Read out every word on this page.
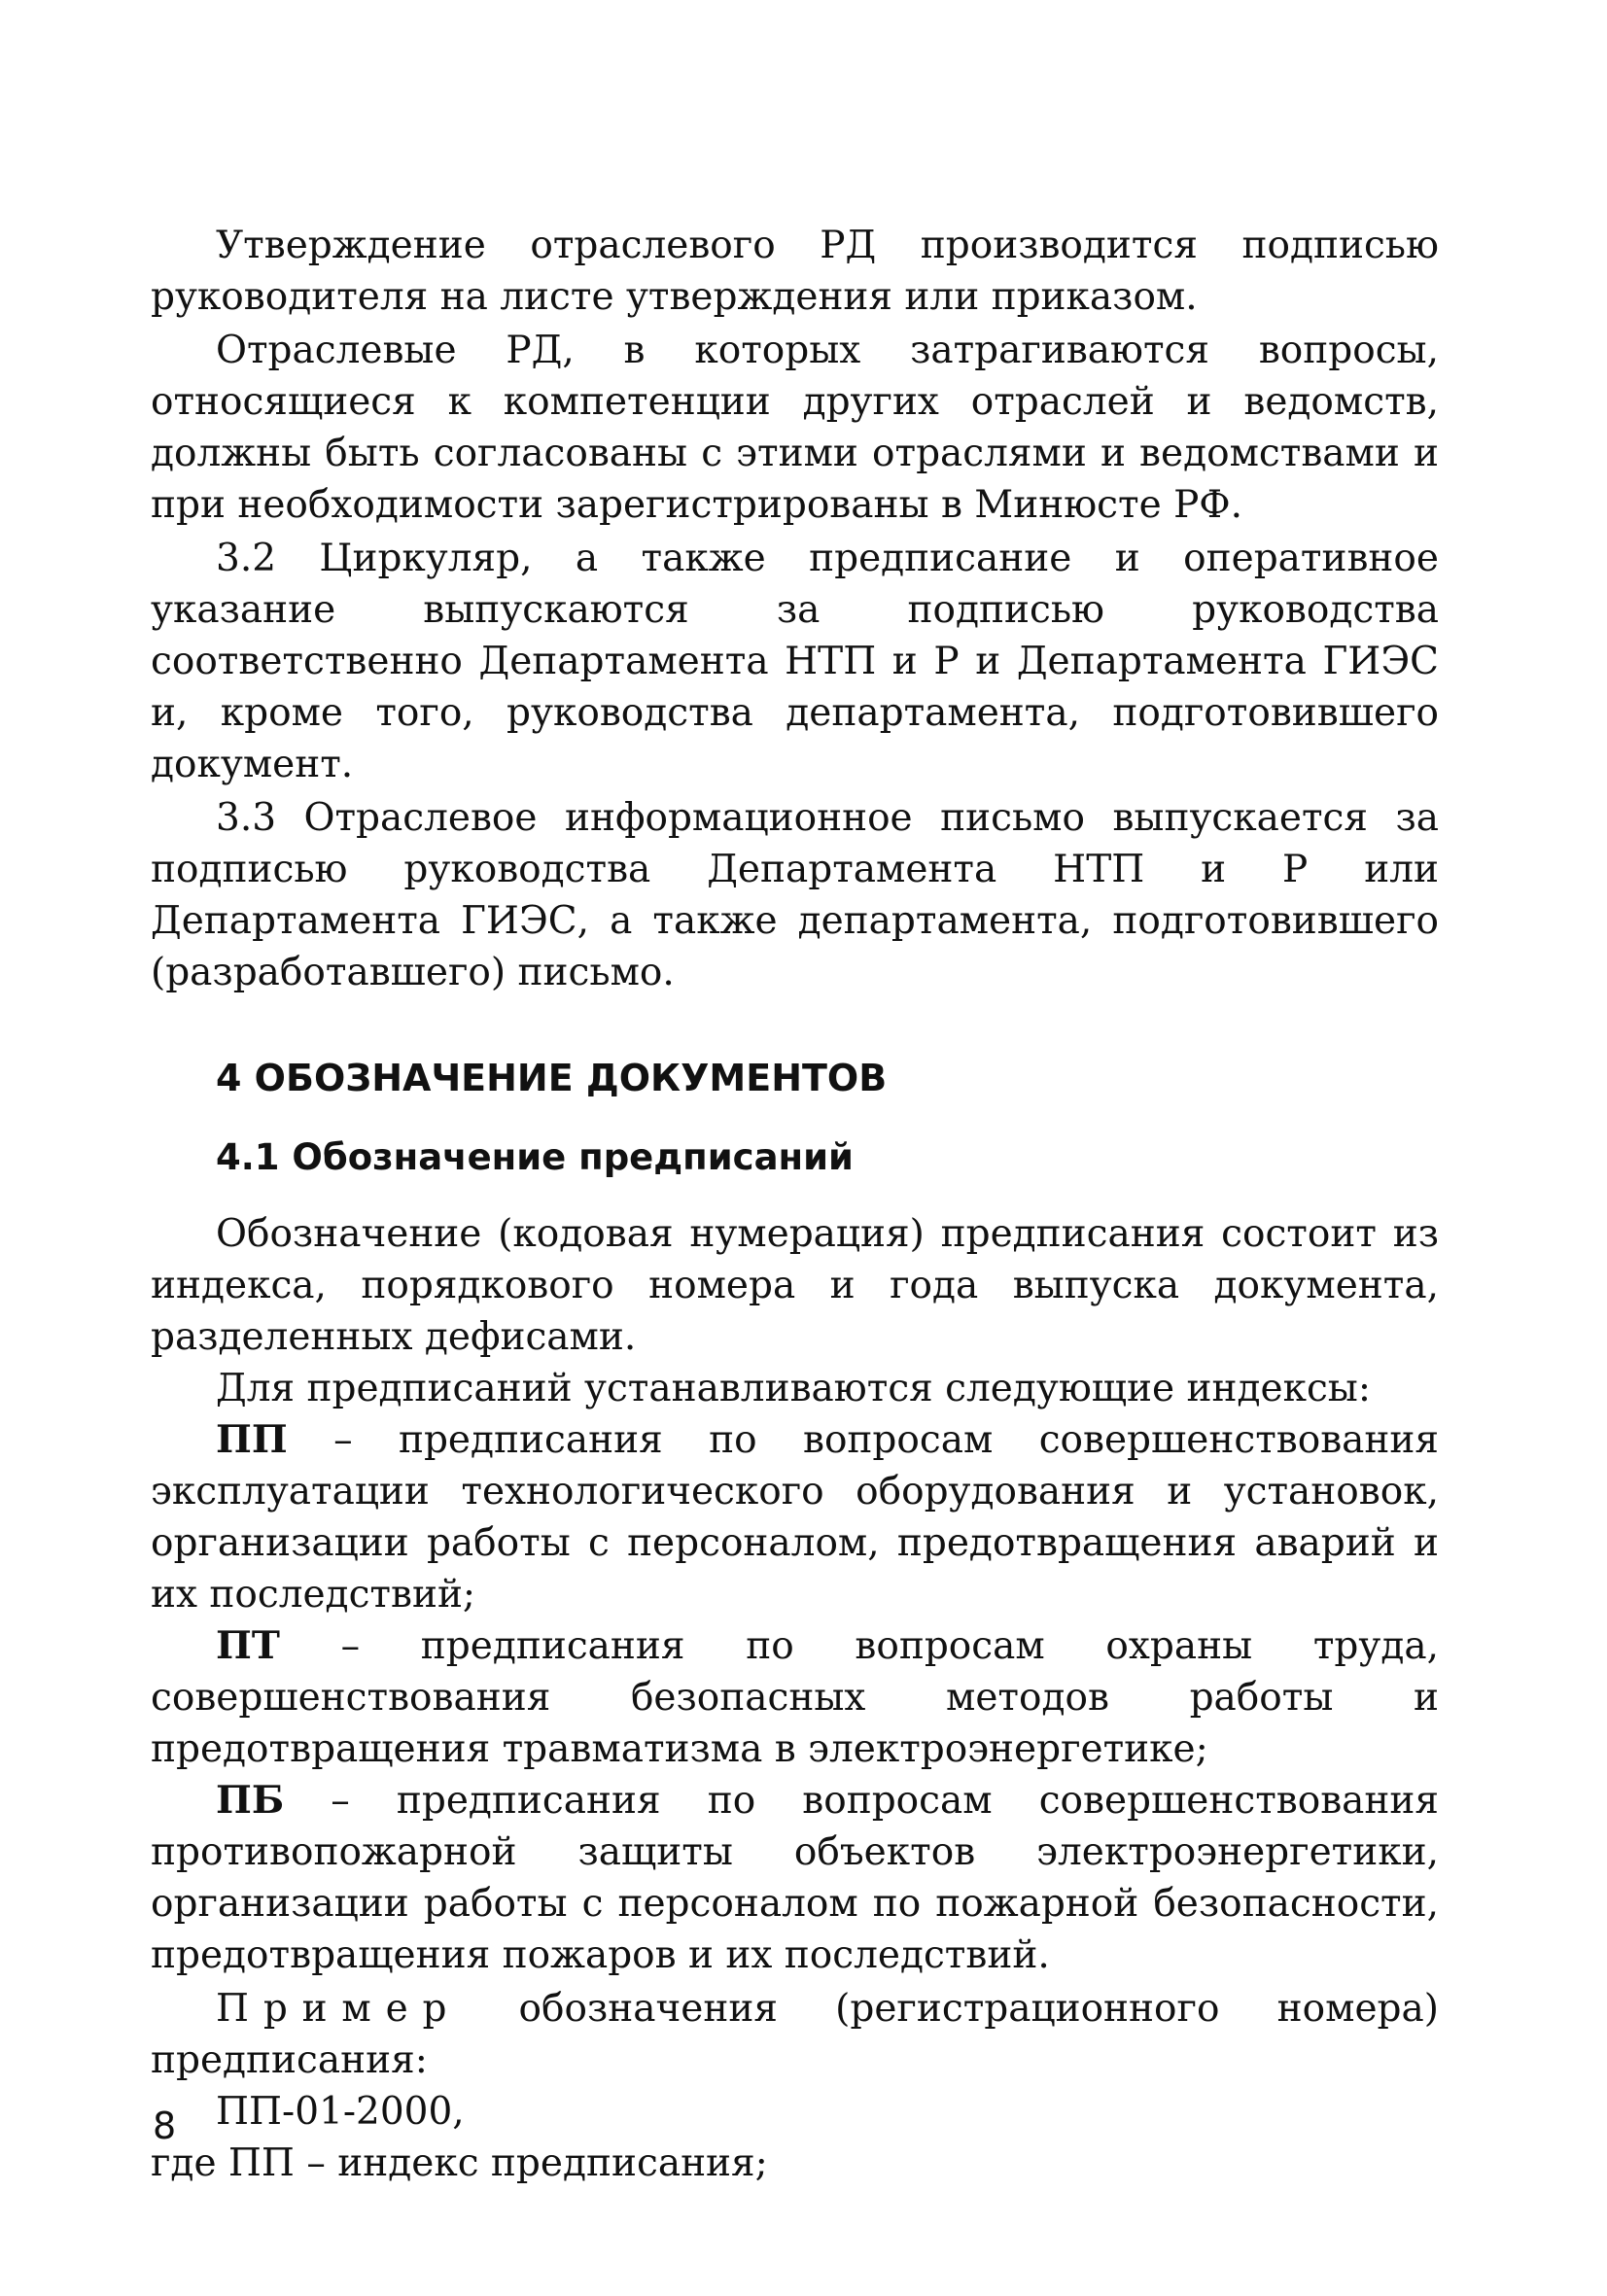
Утверждение отраслевого РД производится подписью руководителя на листе утверждения или приказом.

Отраслевые РД, в которых затрагиваются вопросы, относящиеся к компетенции других отраслей и ведомств, должны быть согласованы с этими отраслями и ведомствами и при необходимости зарегистрированы в Минюсте РФ.

3.2 Циркуляр, а также предписание и оперативное указание выпускаются за подписью руководства соответственно Департамента НТП и Р и Департамента ГИЭС и, кроме того, руководства департамента, подготовившего документ.

3.3 Отраслевое информационное письмо выпускается за подписью руководства Департамента НТП и Р или Департамента ГИЭС, а также департамента, подготовившего (разработавшего) письмо.

4 ОБОЗНАЧЕНИЕ ДОКУМЕНТОВ
4.1 Обозначение предписаний

Обозначение (кодовая нумерация) предписания состоит из индекса, порядкового номера и года выпуска документа, разделенных дефисами.

Для предписаний устанавливаются следующие индексы:

ПП – предписания по вопросам совершенствования эксплуатации технологического оборудования и установок, организации работы с персоналом, предотвращения аварий и их последствий;

ПТ – предписания по вопросам охраны труда, совершенствования безопасных методов работы и предотвращения травматизма в электроэнергетике;

ПБ – предписания по вопросам совершенствования противопожарной защиты объектов электроэнергетики, организации работы с персоналом по пожарной безопасности, предотвращения пожаров и их последствий.

Пример обозначения (регистрационного номера) предписания:

ПП-01-2000,

где ПП – индекс предписания;

8
